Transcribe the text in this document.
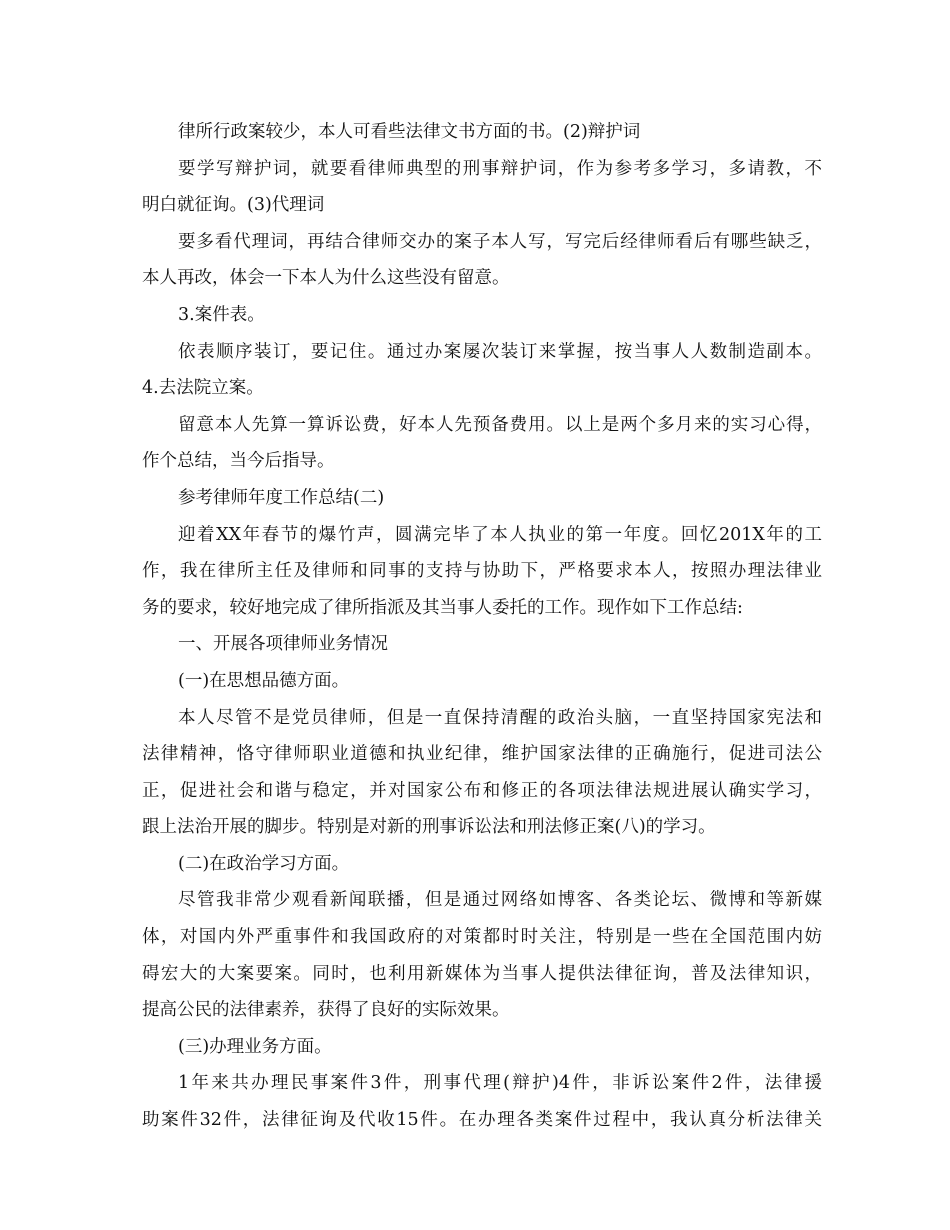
律所行政案较少，本人可看些法律文书方面的书。(2)辩护词
要学写辩护词，就要看律师典型的刑事辩护词，作为参考多学习，多请教，不
明白就征询。(3)代理词
要多看代理词，再结合律师交办的案子本人写，写完后经律师看后有哪些缺乏，
本人再改，体会一下本人为什么这些没有留意。
3.案件表。
依表顺序装订，要记住。通过办案屡次装订来掌握，按当事人人数制造副本。
4.去法院立案。
留意本人先算一算诉讼费，好本人先预备费用。以上是两个多月来的实习心得，
作个总结，当今后指导。
参考律师年度工作总结(二)
迎着XX年春节的爆竹声，圆满完毕了本人执业的第一年度。回忆201X年的工
作，我在律所主任及律师和同事的支持与协助下，严格要求本人，按照办理法律业
务的要求，较好地完成了律所指派及其当事人委托的工作。现作如下工作总结:
一、开展各项律师业务情况
(一)在思想品德方面。
本人尽管不是党员律师，但是一直保持清醒的政治头脑，一直坚持国家宪法和
法律精神，恪守律师职业道德和执业纪律，维护国家法律的正确施行，促进司法公
正，促进社会和谐与稳定，并对国家公布和修正的各项法律法规进展认确实学习，
跟上法治开展的脚步。特别是对新的刑事诉讼法和刑法修正案(八)的学习。
(二)在政治学习方面。
尽管我非常少观看新闻联播，但是通过网络如博客、各类论坛、微博和等新媒
体，对国内外严重事件和我国政府的对策都时时关注，特别是一些在全国范围内妨
碍宏大的大案要案。同时，也利用新媒体为当事人提供法律征询，普及法律知识，
提高公民的法律素养，获得了良好的实际效果。
(三)办理业务方面。
1年来共办理民事案件3件，刑事代理(辩护)4件，非诉讼案件2件，法律援
助案件32件，法律征询及代收15件。在办理各类案件过程中，我认真分析法律关
